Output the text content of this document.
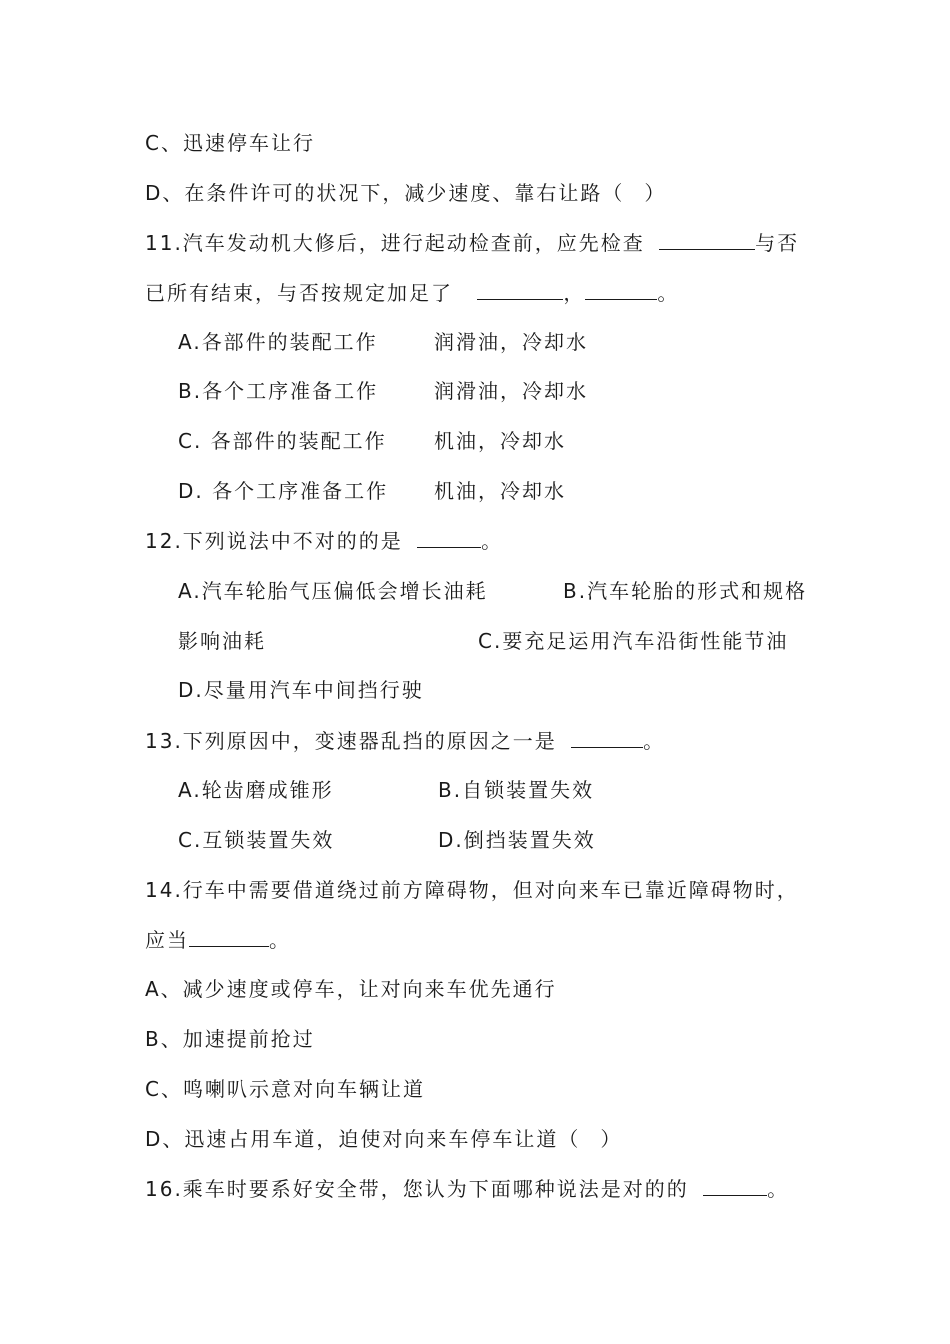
C、迅速停车让行
D、在条件许可的状况下，减少速度、靠右让路（ ）
11.汽车发动机大修后，进行起动检查前，应先检查	与否
已所有结束，与否按规定加足了	，	。
A.各部件的装配工作	润滑油，冷却水
B.各个工序准备工作	润滑油，冷却水
C. 各部件的装配工作 机油，冷却水
D. 各个工序准备工作 机油，冷却水
12.下列说法中不对的的是	。
A.汽车轮胎气压偏低会增长油耗	B.汽车轮胎的形式和规格
影响油耗	C.要充足运用汽车沿街性能节油
D.尽量用汽车中间挡行驶
13.下列原因中，变速器乱挡的原因之一是	。
A.轮齿磨成锥形	B.自锁装置失效
C.互锁装置失效	D.倒挡装置失效
14.行车中需要借道绕过前方障碍物，但对向来车已靠近障碍物时，
应当	。
A、减少速度或停车，让对向来车优先通行
B、加速提前抢过
C、鸣喇叭示意对向车辆让道
D、迅速占用车道，迫使对向来车停车让道（ ）
16.乘车时要系好安全带，您认为下面哪种说法是对的的	。
